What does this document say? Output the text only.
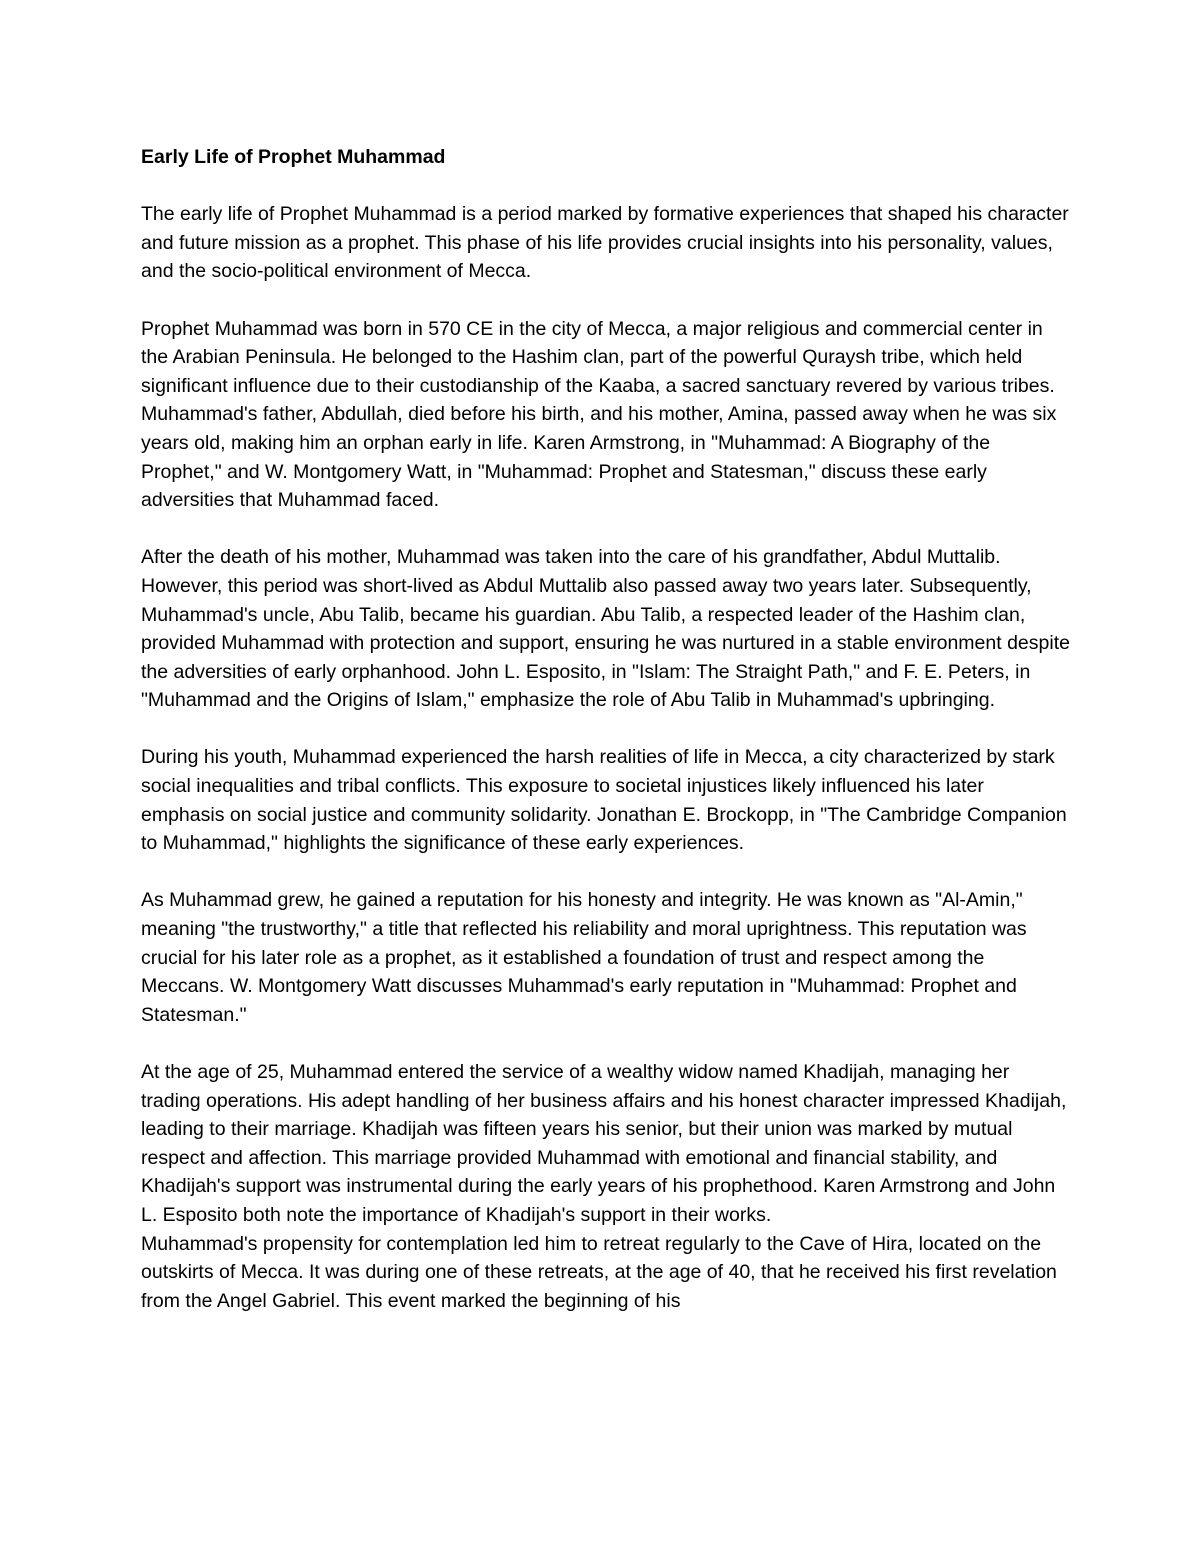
Early Life of Prophet Muhammad
The early life of Prophet Muhammad is a period marked by formative experiences that shaped his character and future mission as a prophet. This phase of his life provides crucial insights into his personality, values, and the socio-political environment of Mecca.
Prophet Muhammad was born in 570 CE in the city of Mecca, a major religious and commercial center in the Arabian Peninsula. He belonged to the Hashim clan, part of the powerful Quraysh tribe, which held significant influence due to their custodianship of the Kaaba, a sacred sanctuary revered by various tribes. Muhammad's father, Abdullah, died before his birth, and his mother, Amina, passed away when he was six years old, making him an orphan early in life. Karen Armstrong, in "Muhammad: A Biography of the Prophet," and W. Montgomery Watt, in "Muhammad: Prophet and Statesman," discuss these early adversities that Muhammad faced.
After the death of his mother, Muhammad was taken into the care of his grandfather, Abdul Muttalib. However, this period was short-lived as Abdul Muttalib also passed away two years later. Subsequently, Muhammad's uncle, Abu Talib, became his guardian. Abu Talib, a respected leader of the Hashim clan, provided Muhammad with protection and support, ensuring he was nurtured in a stable environment despite the adversities of early orphanhood. John L. Esposito, in "Islam: The Straight Path," and F. E. Peters, in "Muhammad and the Origins of Islam," emphasize the role of Abu Talib in Muhammad's upbringing.
During his youth, Muhammad experienced the harsh realities of life in Mecca, a city characterized by stark social inequalities and tribal conflicts. This exposure to societal injustices likely influenced his later emphasis on social justice and community solidarity. Jonathan E. Brockopp, in "The Cambridge Companion to Muhammad," highlights the significance of these early experiences.
As Muhammad grew, he gained a reputation for his honesty and integrity. He was known as "Al-Amin," meaning "the trustworthy," a title that reflected his reliability and moral uprightness. This reputation was crucial for his later role as a prophet, as it established a foundation of trust and respect among the Meccans. W. Montgomery Watt discusses Muhammad's early reputation in "Muhammad: Prophet and Statesman."
At the age of 25, Muhammad entered the service of a wealthy widow named Khadijah, managing her trading operations. His adept handling of her business affairs and his honest character impressed Khadijah, leading to their marriage. Khadijah was fifteen years his senior, but their union was marked by mutual respect and affection. This marriage provided Muhammad with emotional and financial stability, and Khadijah's support was instrumental during the early years of his prophethood. Karen Armstrong and John L. Esposito both note the importance of Khadijah's support in their works.
Muhammad's propensity for contemplation led him to retreat regularly to the Cave of Hira, located on the outskirts of Mecca. It was during one of these retreats, at the age of 40, that he received his first revelation from the Angel Gabriel. This event marked the beginning of his
